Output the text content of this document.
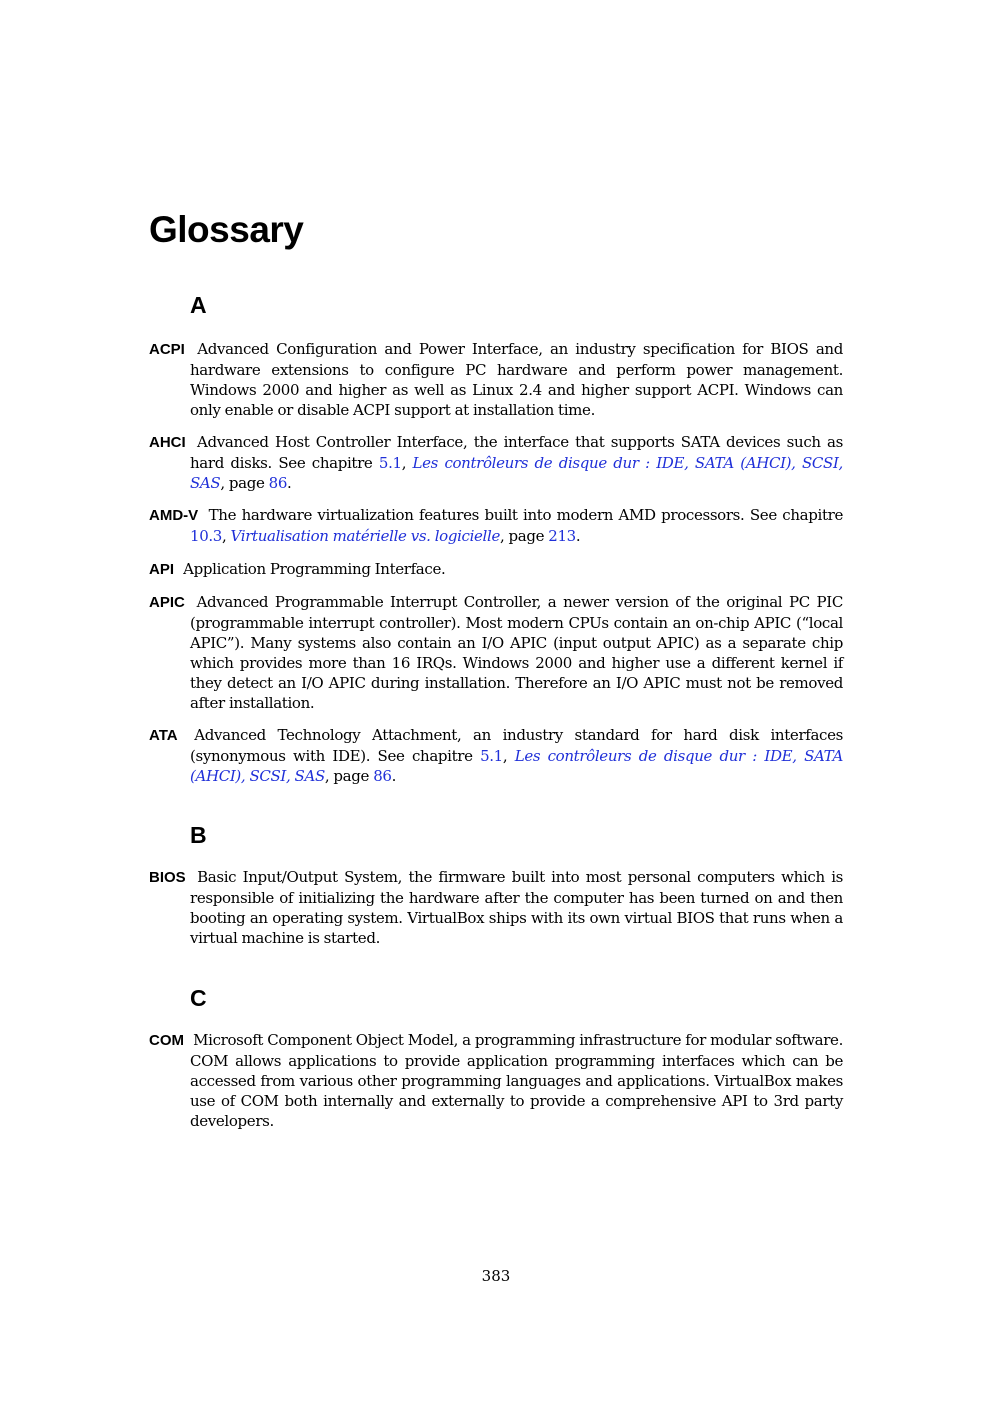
Glossary
A

ACPI Advanced Configuration and Power Interface, an industry specification for BIOS and hardware extensions to configure PC hardware and perform power management. Windows 2000 and higher as well as Linux 2.4 and higher support ACPI. Windows can only enable or disable ACPI support at installation time.

AHCI Advanced Host Controller Interface, the interface that supports SATA devices such as hard disks. See chapitre 5.1, Les contrôleurs de disque dur : IDE, SATA (AHCI), SCSI, SAS, page 86.

AMD-V The hardware virtualization features built into modern AMD processors. See chapitre 10.3, Virtualisation matérielle vs. logicielle, page 213.

API Application Programming Interface.

APIC Advanced Programmable Interrupt Controller, a newer version of the original PC PIC (programmable interrupt controller). Most modern CPUs contain an on-chip APIC (“local APIC”). Many systems also contain an I/O APIC (input output APIC) as a separate chip which provides more than 16 IRQs. Windows 2000 and higher use a different kernel if they detect an I/O APIC during installation. Therefore an I/O APIC must not be removed after installation.

ATA Advanced Technology Attachment, an industry standard for hard disk interfaces (synonymous with IDE). See chapitre 5.1, Les contrôleurs de disque dur : IDE, SATA (AHCI), SCSI, SAS, page 86.

B

BIOS Basic Input/Output System, the firmware built into most personal computers which is responsible of initializing the hardware after the computer has been turned on and then booting an operating system. VirtualBox ships with its own virtual BIOS that runs when a virtual machine is started.

C

COM Microsoft Component Object Model, a programming infrastructure for modular software. COM allows applications to provide application programming interfaces which can be accessed from various other programming languages and applications. VirtualBox makes use of COM both internally and externally to provide a comprehensive API to 3rd party developers.

383
